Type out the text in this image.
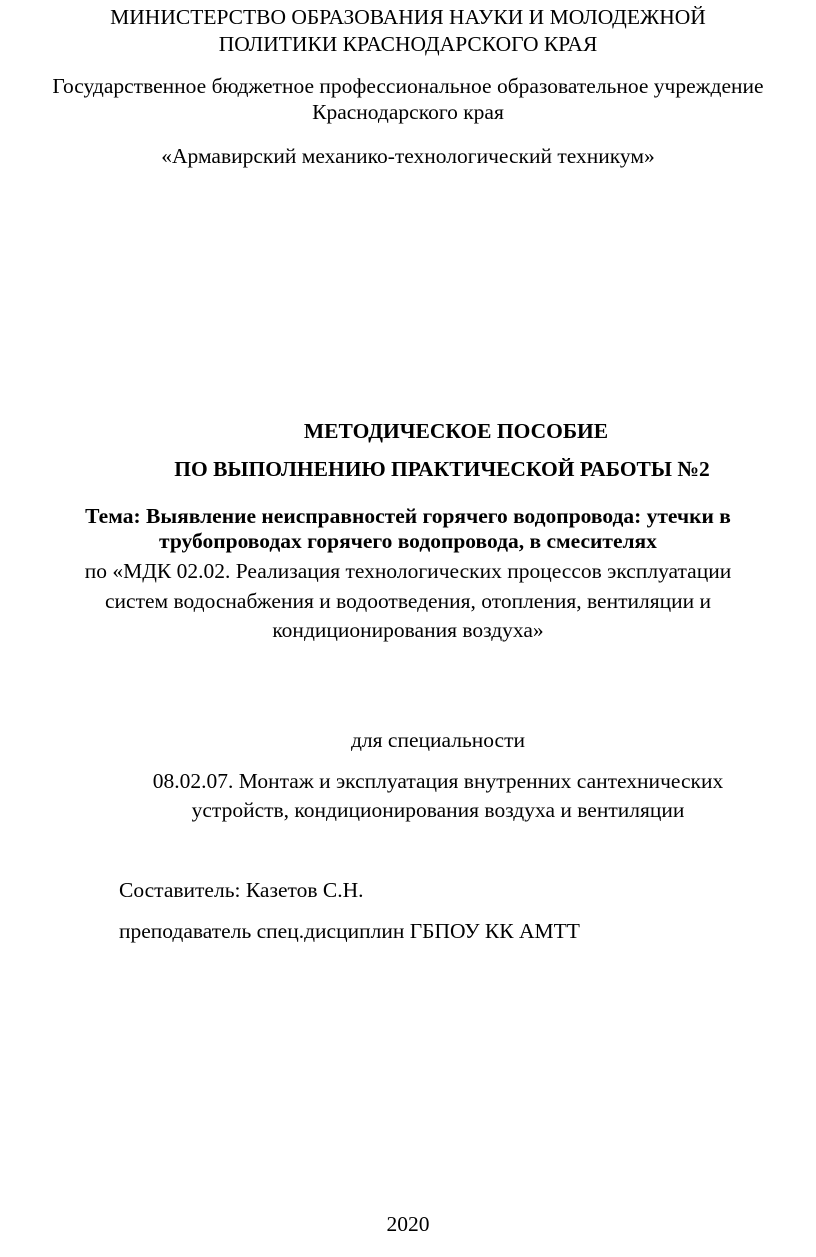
МИНИСТЕРСТВО ОБРАЗОВАНИЯ НАУКИ И МОЛОДЕЖНОЙ
ПОЛИТИКИ КРАСНОДАРСКОГО КРАЯ
Государственное бюджетное профессиональное образовательное учреждение
Краснодарского края
«Армавирский механико-технологический техникум»
МЕТОДИЧЕСКОЕ ПОСОБИЕ
ПО ВЫПОЛНЕНИЮ ПРАКТИЧЕСКОЙ РАБОТЫ №2
Тема: Выявление неисправностей горячего водопровода: утечки в
трубопроводах горячего водопровода, в смесителях
по «МДК 02.02. Реализация технологических процессов эксплуатации
систем водоснабжения и водоотведения, отопления, вентиляции и
кондиционирования воздуха»
для специальности
08.02.07. Монтаж и эксплуатация внутренних сантехнических
устройств, кондиционирования воздуха и вентиляции
Составитель: Казетов С.Н.
преподаватель спец.дисциплин ГБПОУ КК АМТТ
2020
